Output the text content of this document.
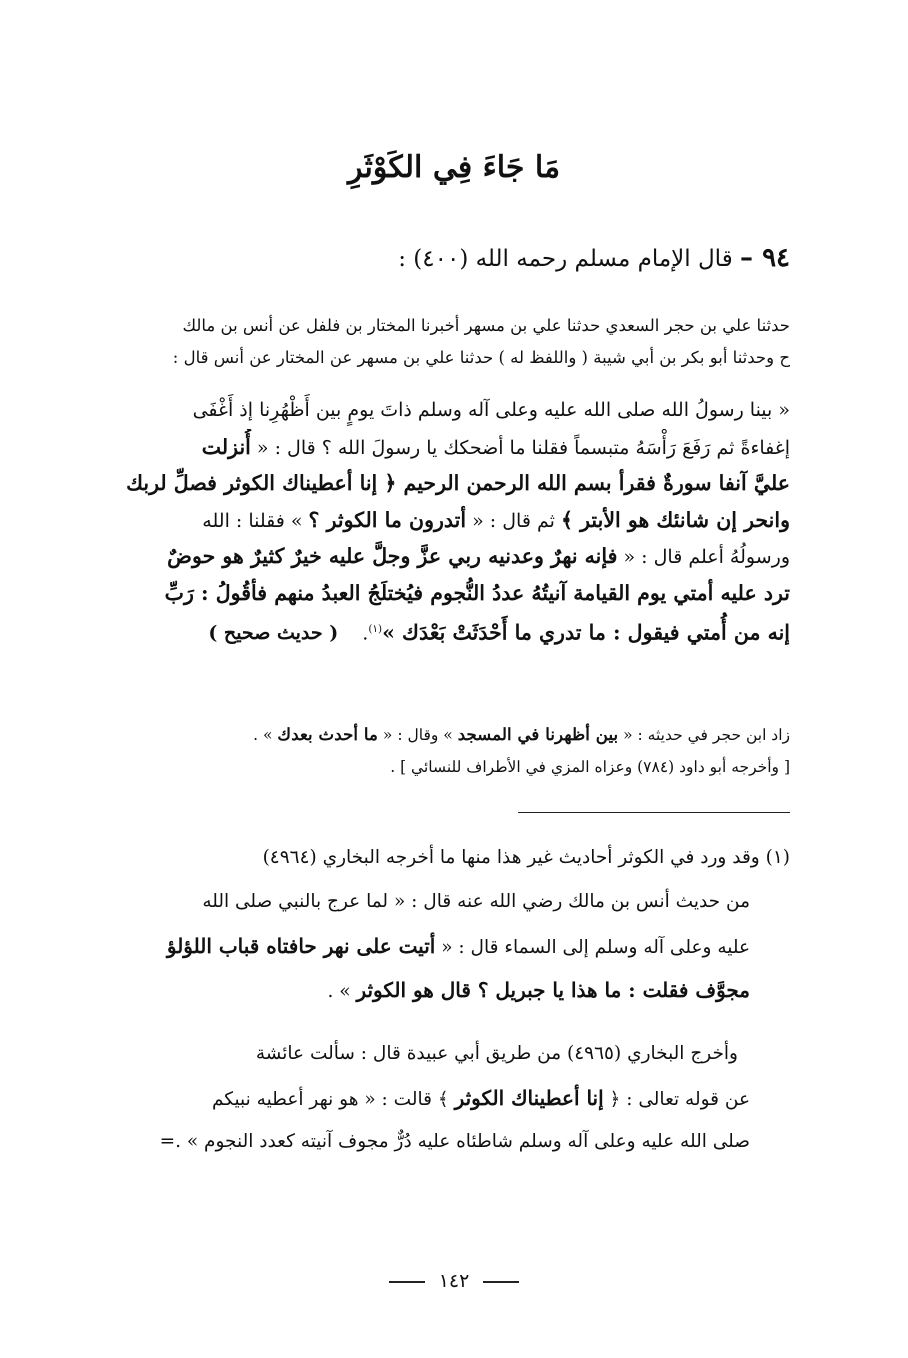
مَا جَاءَ فِي الكَوْثَرِ
٩٤ – قال الإمام مسلم رحمه الله (٤٠٠) :
حدثنا علي بن حجر السعدي حدثنا علي بن مسهر أخبرنا المختار بن فلفل عن أنس بن مالك
ح وحدثنا أبو بكر بن أبي شيبة ( واللفظ له ) حدثنا علي بن مسهر عن المختار عن أنس قال :
« بينا رسولُ الله صلى الله عليه وعلى آله وسلم ذاتَ يومٍ بين أَظْهُرِنا إذ أَغْفَى
إغفاءةً ثم رَفَعَ رَأْسَهُ متبسماً فقلنا ما أضحكك يا رسولَ الله ؟ قال : « أُنزلت
عليَّ آنفا سورةٌ فقرأ بسم الله الرحمن الرحيم ﴿ إنا أعطيناك الكوثر فصلِّ لربك
وانحر إن شانئك هو الأبتر ﴾ ثم قال : « أتدرون ما الكوثر ؟ » فقلنا : الله
ورسولُهُ أعلم قال : « فإنه نهرٌ وعدنيه ربي عزَّ وجلَّ عليه خيرٌ كثيرٌ هو حوضٌ
ترد عليه أمتي يوم القيامة آنيتُهُ عددُ النُّجوم فيُختلَجُ العبدُ منهم فأقُولُ : رَبِّ
إنه من أُمتي فيقول : ما تدري ما أَحْدَثَتْ بَعْدَك »$^{(١)}$. ( حديث صحيح )
زاد ابن حجر في حديثه : « بين أظهرنا في المسجد » وقال : « ما أحدث بعدك » .
[ وأخرجه أبو داود (٧٨٤) وعزاه المزي في الأطراف للنسائي ] .
(١) وقد ورد في الكوثر أحاديث غير هذا منها ما أخرجه البخاري (٤٩٦٤)
من حديث أنس بن مالك رضي الله عنه قال : « لما عرج بالنبي صلى الله
عليه وعلى آله وسلم إلى السماء قال : « أتيت على نهر حافتاه قباب اللؤلؤ
مجوَّف فقلت : ما هذا يا جبريل ؟ قال هو الكوثر » .
وأخرج البخاري (٤٩٦٥) من طريق أبي عبيدة قال : سألت عائشة
عن قوله تعالى : ﴿ إنا أعطيناك الكوثر ﴾ قالت : « هو نهر أعطيه نبيكم
صلى الله عليه وعلى آله وسلم شاطئاه عليه دُرٌّ مجوف آنيته كعدد النجوم » .=
١٤٢
